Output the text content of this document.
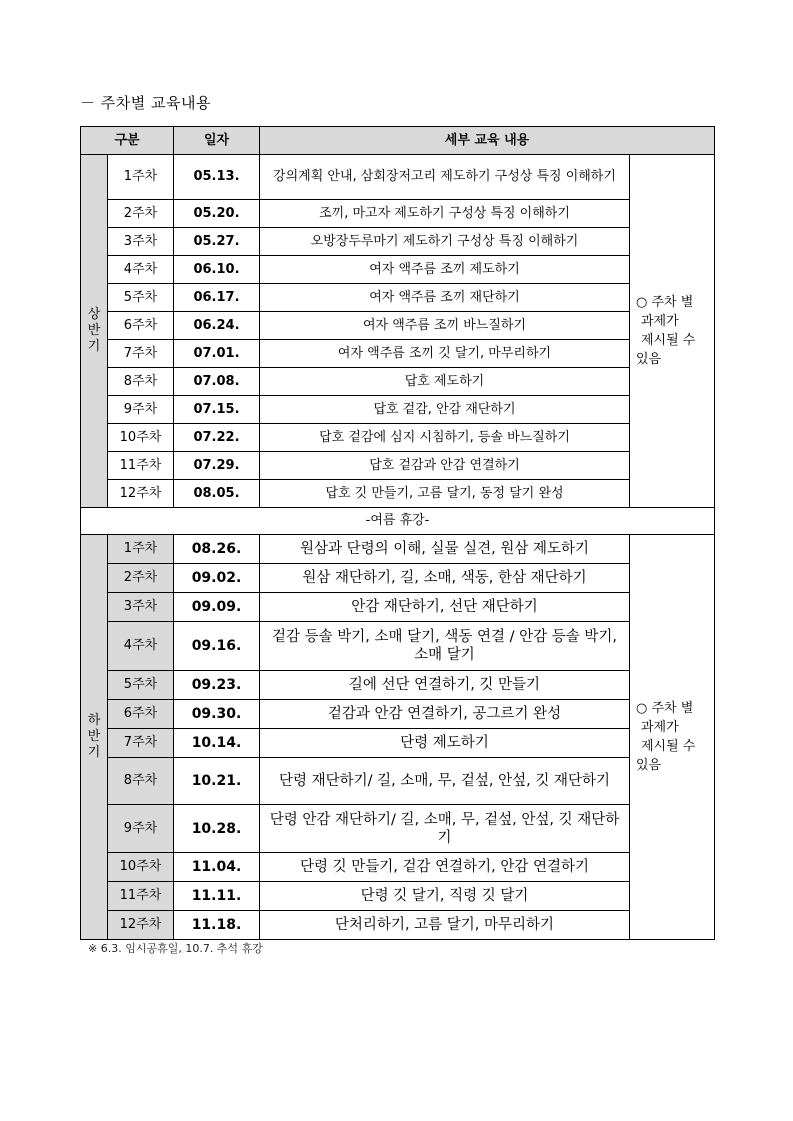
－ 주차별 교육내용
구분		일자	세부 교육 내용	

상
반
기	1주차	05.13.	강의계획 안내, 삼회장저고리 제도하기 구성상 특징 이해하기	○ 주차 별
과제가
제시될 수
있음

	2주차	05.20.	조끼, 마고자 제도하기 구성상 특징 이해하기	
	3주차	05.27.	오방장두루마기 제도하기 구성상 특징 이해하기	
	4주차	06.10.	여자 액주름 조끼 제도하기	
	5주차	06.17.	여자 액주름 조끼 재단하기	
	6주차	06.24.	여자 액주름 조끼 바느질하기	
	7주차	07.01.	여자 액주름 조끼 깃 달기, 마무리하기	
	8주차	07.08.	답호 제도하기	
	9주차	07.15.	답호 겉감, 안감 재단하기	
	10주차	07.22.	답호 겉감에 심지 시침하기, 등솔 바느질하기	
	11주차	07.29.	답호 겉감과 안감 연결하기	
	12주차	08.05.	답호 깃 만들기, 고름 달기, 동정 달기 완성	
-여름 휴강-				

하
반
기	1주차	08.26.	원삼과 단령의 이해, 실물 실견, 원삼 제도하기	○ 주차 별
과제가
제시될 수
있음

	2주차	09.02.	원삼 재단하기, 길, 소매, 색동, 한삼 재단하기	
	3주차	09.09.	안감 재단하기, 선단 재단하기	
	4주차	09.16.	겉감 등솔 박기, 소매 달기, 색동 연결 / 안감 등솔 박기, 소매 달기	
	5주차	09.23.	길에 선단 연결하기, 깃 만들기	
	6주차	09.30.	겉감과 안감 연결하기, 공그르기 완성	
	7주차	10.14.	단령 제도하기	
	8주차	10.21.	단령 재단하기/ 길, 소매, 무, 겉섶, 안섶, 깃 재단하기	
	9주차	10.28.	단령 안감 재단하기/ 길, 소매, 무, 겉섶, 안섶, 깃 재단하기	
	10주차	11.04.	단령 깃 만들기, 겉감 연결하기, 안감 연결하기	
	11주차	11.11.	단령 깃 달기, 직령 깃 달기	
	12주차	11.18.	단처리하기, 고름 달기, 마무리하기	
※ 6.3. 임시공휴일, 10.7. 추석 휴강
